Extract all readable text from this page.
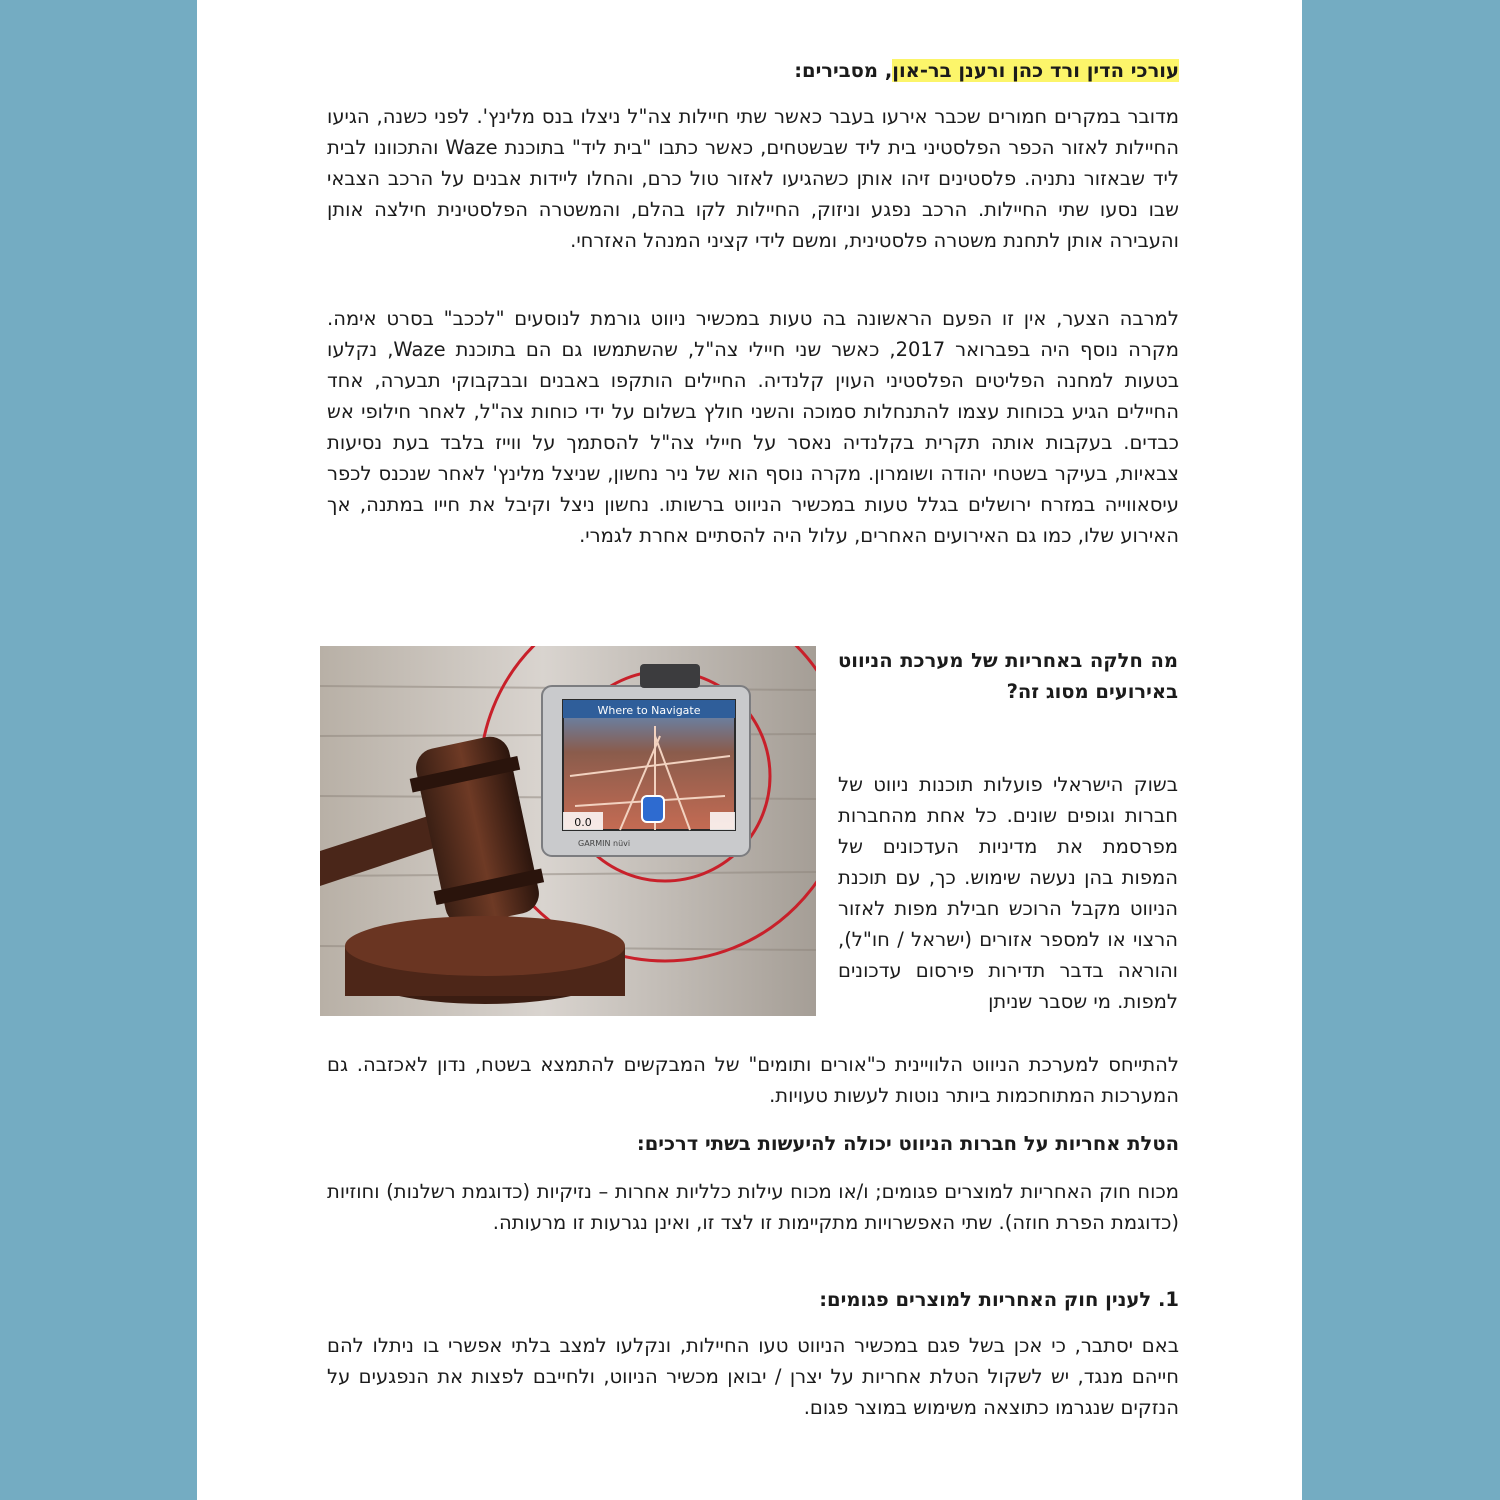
עורכי הדין ורד כהן ורענן בר-און, מסבירים:

מדובר במקרים חמורים שכבר אירעו בעבר כאשר שתי חיילות צה"ל ניצלו בנס מלינץ'. לפני כשנה, הגיעו החיילות לאזור הכפר הפלסטיני בית ליד שבשטחים, כאשר כתבו "בית ליד" בתוכנת Waze והתכוונו לבית ליד שבאזור נתניה. פלסטינים זיהו אותן כשהגיעו לאזור טול כרם, והחלו ליידות אבנים על הרכב הצבאי שבו נסעו שתי החיילות. הרכב נפגע וניזוק, החיילות לקו בהלם, והמשטרה הפלסטינית חילצה אותן והעבירה אותן לתחנת משטרה פלסטינית, ומשם לידי קציני המנהל האזרחי.

למרבה הצער, אין זו הפעם הראשונה בה טעות במכשיר ניווט גורמת לנוסעים "לככב" בסרט אימה. מקרה נוסף היה בפברואר 2017, כאשר שני חיילי צה"ל, שהשתמשו גם הם בתוכנת Waze, נקלעו בטעות למחנה הפליטים הפלסטיני העוין קלנדיה. החיילים הותקפו באבנים ובבקבוקי תבערה, אחד החיילים הגיע בכוחות עצמו להתנחלות סמוכה והשני חולץ בשלום על ידי כוחות צה"ל, לאחר חילופי אש כבדים. בעקבות אותה תקרית בקלנדיה נאסר על חיילי צה"ל להסתמך על ווייז בלבד בעת נסיעות צבאיות, בעיקר בשטחי יהודה ושומרון. מקרה נוסף הוא של ניר נחשון, שניצל מלינץ' לאחר שנכנס לכפר עיסאווייה במזרח ירושלים בגלל טעות במכשיר הניווט ברשותו. נחשון ניצל וקיבל את חייו במתנה, אך האירוע שלו, כמו גם האירועים האחרים, עלול היה להסתיים אחרת לגמרי.

Where to Navigate
0.0
GARMIN nüvi

מה חלקה באחריות של מערכת הניווט באירועים מסוג זה?

בשוק הישראלי פועלות תוכנות ניווט של חברות וגופים שונים. כל אחת מהחברות מפרסמת את מדיניות העדכונים של המפות בהן נעשה שימוש. כך, עם תוכנת הניווט מקבל הרוכש חבילת מפות לאזור הרצוי או למספר אזורים (ישראל / חו"ל), והוראה בדבר תדירות פירסום עדכונים למפות. מי שסבר שניתן

להתייחס למערכת הניווט הלוויינית כ"אורים ותומים" של המבקשים להתמצא בשטח, נדון לאכזבה. גם המערכות המתוחכמות ביותר נוטות לעשות טעויות.

הטלת אחריות על חברות הניווט יכולה להיעשות בשתי דרכים:

מכוח חוק האחריות למוצרים פגומים; ו/או מכוח עילות כלליות אחרות – נזיקיות (כדוגמת רשלנות) וחוזיות (כדוגמת הפרת חוזה). שתי האפשרויות מתקיימות זו לצד זו, ואינן נגרעות זו מרעותה.

1. לענין חוק האחריות למוצרים פגומים:

באם יסתבר, כי אכן בשל פגם במכשיר הניווט טעו החיילות, ונקלעו למצב בלתי אפשרי בו ניתלו להם חייהם מנגד, יש לשקול הטלת אחריות על יצרן / יבואן מכשיר הניווט, ולחייבם לפצות את הנפגעים על הנזקים שנגרמו כתוצאה משימוש במוצר פגום.
